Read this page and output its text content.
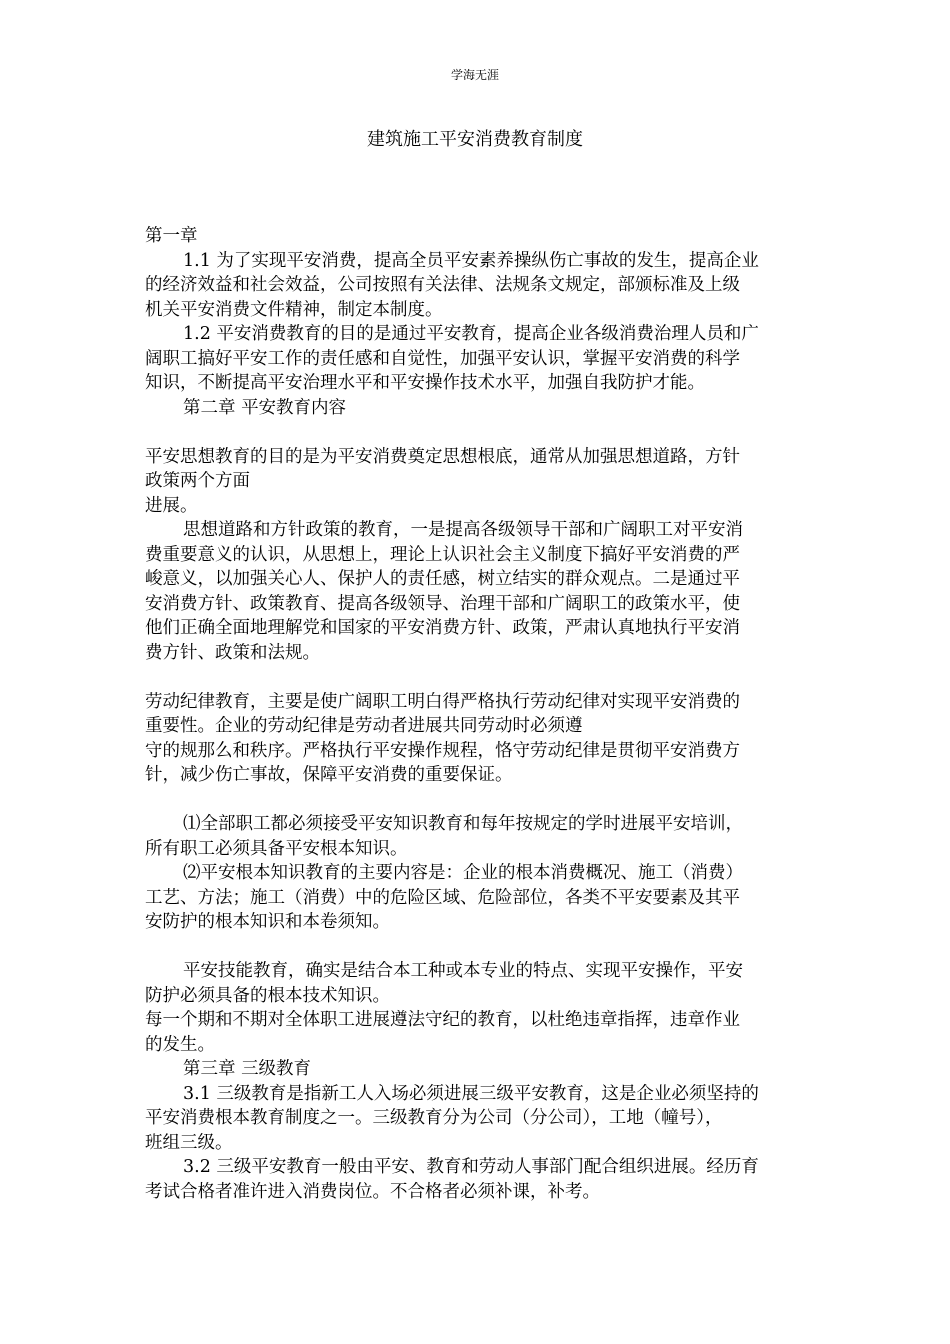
学海无涯
建筑施工平安消费教育制度
第一章
1.1 为了实现平安消费，提高全员平安素养操纵伤亡事故的发生，提高企业
的经济效益和社会效益，公司按照有关法律、法规条文规定，部颁标准及上级
机关平安消费文件精神，制定本制度。
1.2 平安消费教育的目的是通过平安教育，提高企业各级消费治理人员和广
阔职工搞好平安工作的责任感和自觉性，加强平安认识，掌握平安消费的科学
知识，不断提高平安治理水平和平安操作技术水平，加强自我防护才能。
第二章 平安教育内容
平安思想教育的目的是为平安消费奠定思想根底，通常从加强思想道路，方针
政策两个方面
进展。
思想道路和方针政策的教育，一是提高各级领导干部和广阔职工对平安消
费重要意义的认识，从思想上，理论上认识社会主义制度下搞好平安消费的严
峻意义，以加强关心人、保护人的责任感，树立结实的群众观点。二是通过平
安消费方针、政策教育、提高各级领导、治理干部和广阔职工的政策水平，使
他们正确全面地理解党和国家的平安消费方针、政策，严肃认真地执行平安消
费方针、政策和法规。
劳动纪律教育，主要是使广阔职工明白得严格执行劳动纪律对实现平安消费的
重要性。企业的劳动纪律是劳动者进展共同劳动时必须遵
守的规那么和秩序。严格执行平安操作规程，恪守劳动纪律是贯彻平安消费方
针，减少伤亡事故，保障平安消费的重要保证。
⑴全部职工都必须接受平安知识教育和每年按规定的学时进展平安培训，
所有职工必须具备平安根本知识。
⑵平安根本知识教育的主要内容是：企业的根本消费概况、施工（消费）
工艺、方法；施工（消费）中的危险区域、危险部位，各类不平安要素及其平
安防护的根本知识和本卷须知。
平安技能教育，确实是结合本工种或本专业的特点、实现平安操作，平安
防护必须具备的根本技术知识。
每一个期和不期对全体职工进展遵法守纪的教育，以杜绝违章指挥，违章作业
的发生。
第三章 三级教育
3.1 三级教育是指新工人入场必须进展三级平安教育，这是企业必须坚持的
平安消费根本教育制度之一。三级教育分为公司（分公司），工地（幢号），
班组三级。
3.2 三级平安教育一般由平安、教育和劳动人事部门配合组织进展。经历育
考试合格者准许进入消费岗位。不合格者必须补课，补考。
